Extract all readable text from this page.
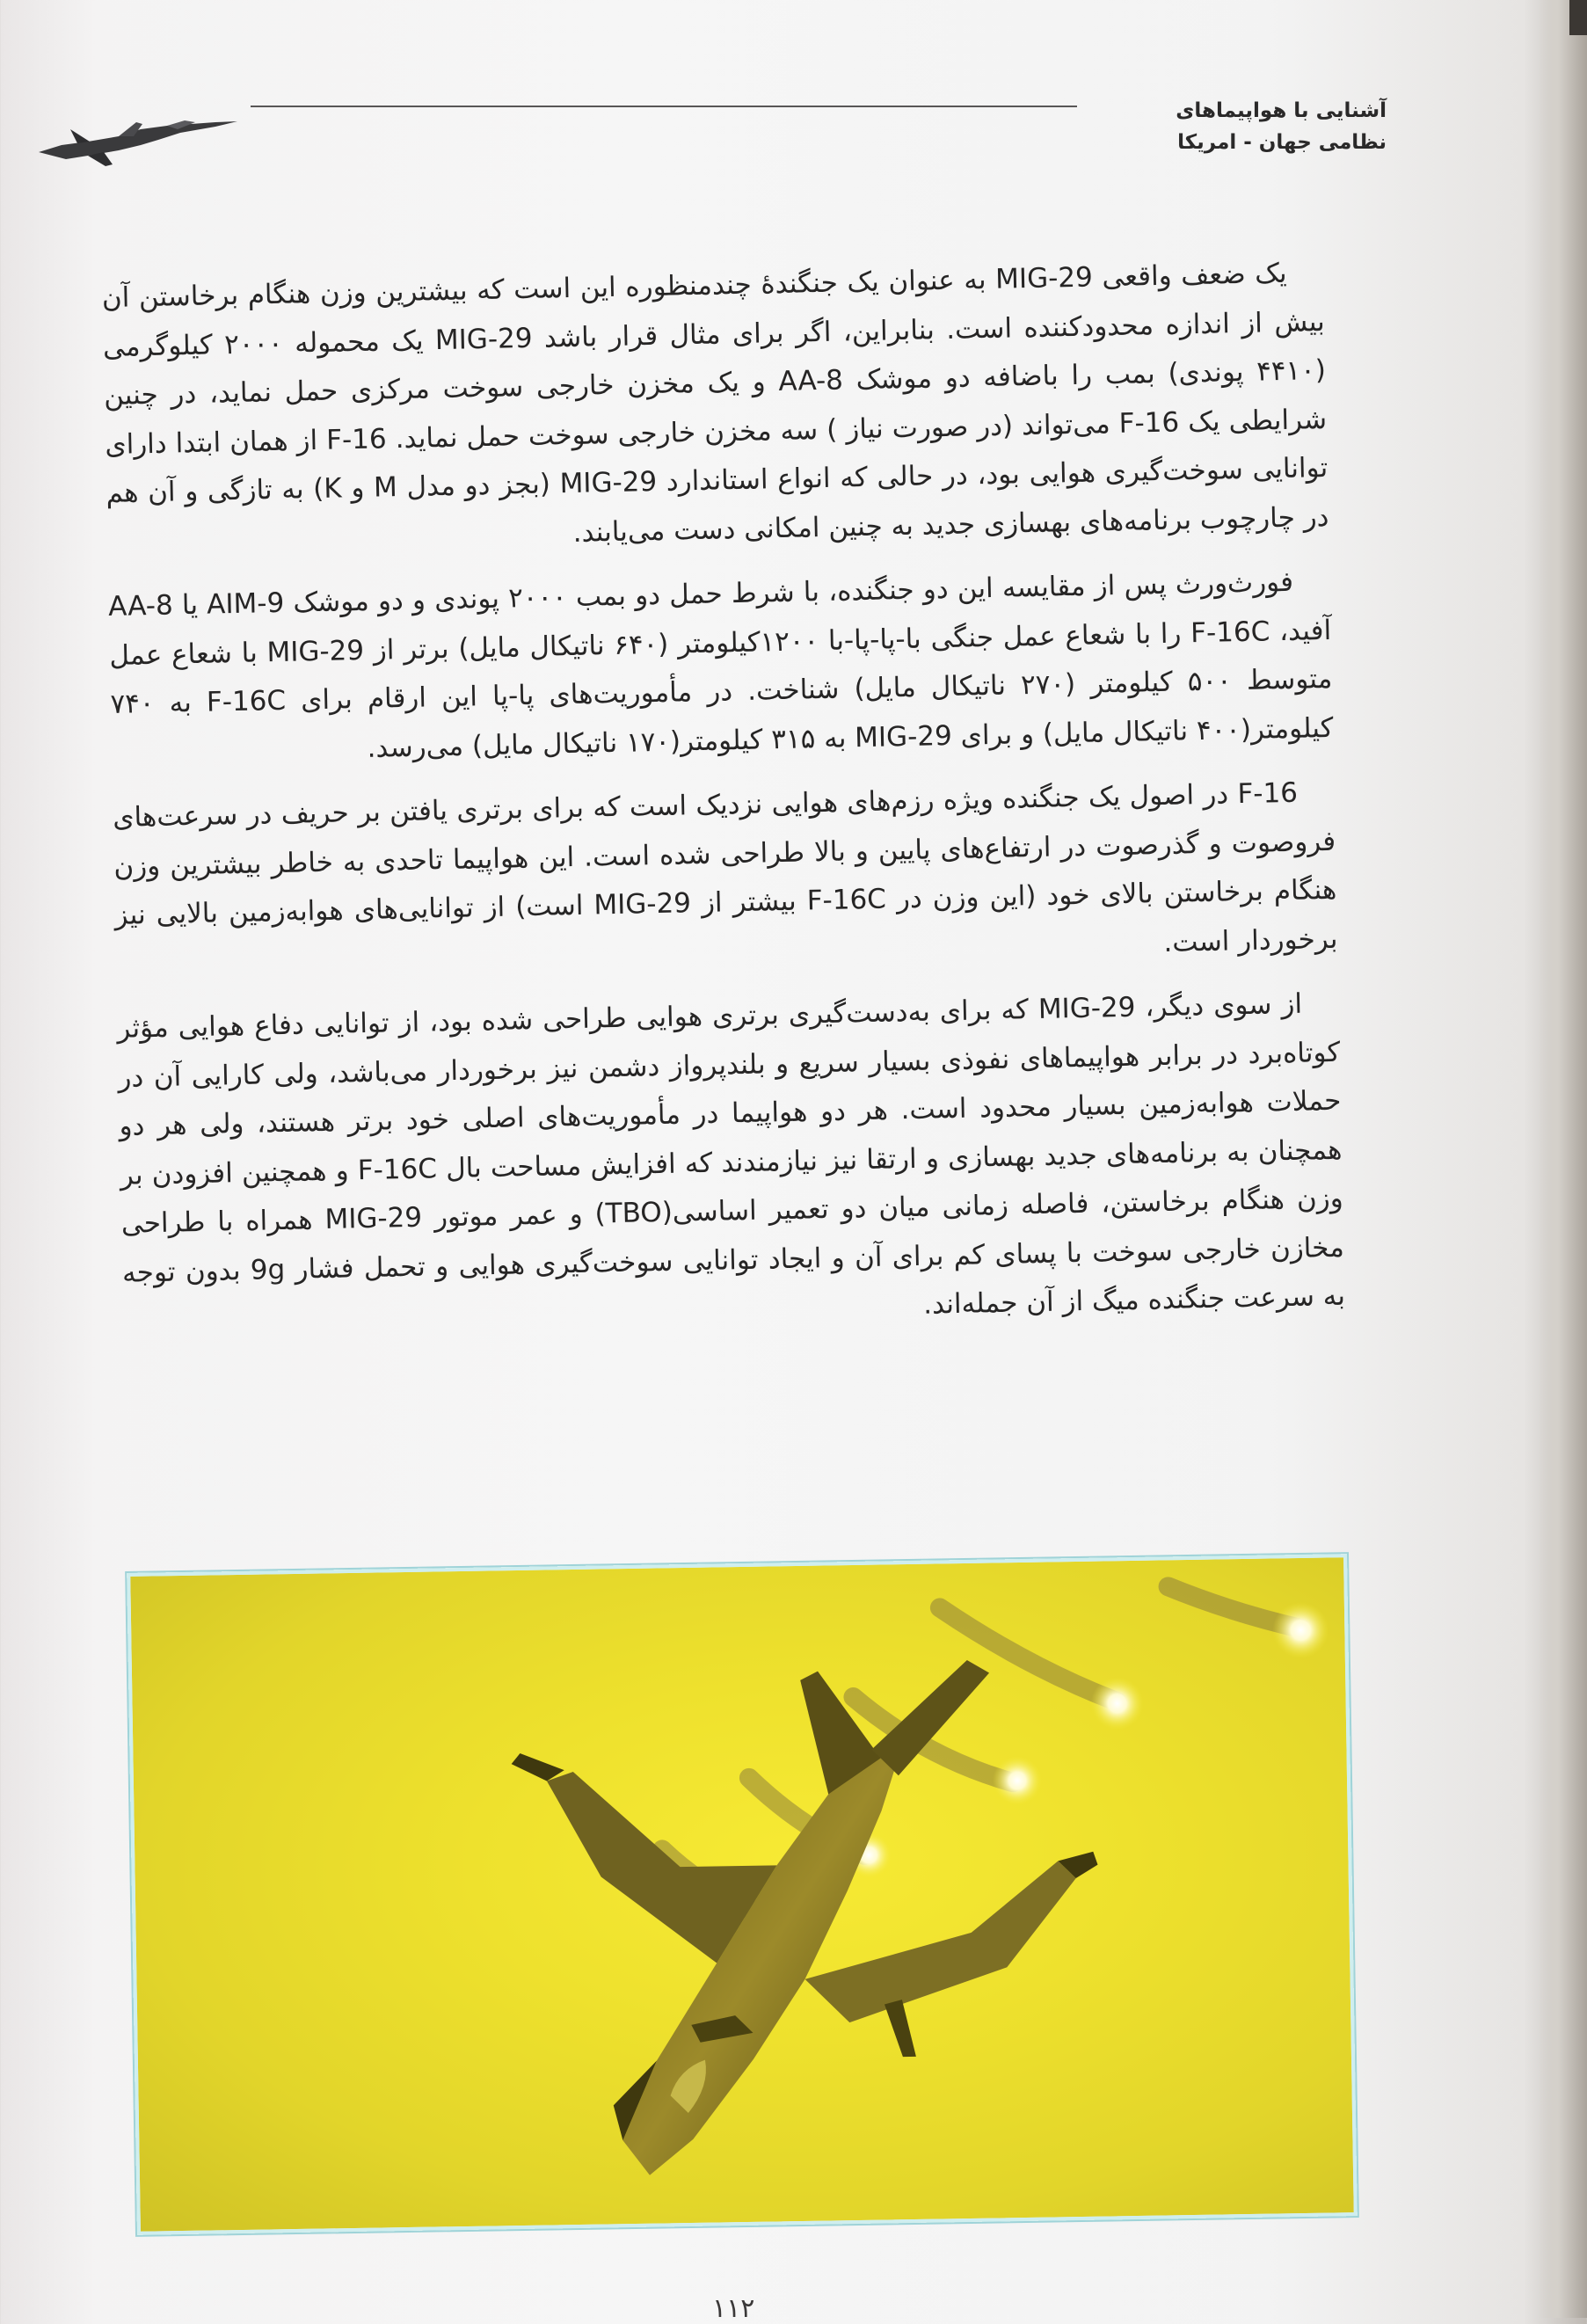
آشنایی با هواپیماهای
نظامی جهان - امریکا

یک ضعف واقعی MIG-29 به عنوان یک جنگندهٔ چندمنظوره این است که بیشترین وزن هنگام برخاستن آن بیش از اندازه محدودکننده است. بنابراین، اگر برای مثال قرار باشد MIG-29 یک محموله ۲۰۰۰ کیلوگرمی (۴۴۱۰ پوندی) بمب را باضافه دو موشک AA-8 و یک مخزن خارجی سوخت مرکزی حمل نماید، در چنین شرایطی یک F-16 می‌تواند (در صورت نیاز ) سه مخزن خارجی سوخت حمل نماید. F-16 از همان ابتدا دارای توانایی سوخت‌گیری هوایی بود، در حالی که انواع استاندارد MIG-29 (بجز دو مدل M و K) به تازگی و آن هم در چارچوب برنامه‌های بهسازی جدید به چنین امکانی دست می‌یابند.

فورث‌ورث پس از مقایسه این دو جنگنده، با شرط حمل دو بمب ۲۰۰۰ پوندی و دو موشک AIM-9 یا AA-8 آفید، F-16C را با شعاع عمل جنگی با-پا-پا-با ۱۲۰۰کیلومتر (۶۴۰ ناتیکال مایل) برتر از MIG-29 با شعاع عمل متوسط ۵۰۰ کیلومتر (۲۷۰ ناتیکال مایل) شناخت. در مأموریت‌های پا-پا این ارقام برای F-16C به ۷۴۰ کیلومتر(۴۰۰ ناتیکال مایل) و برای MIG-29 به ۳۱۵ کیلومتر(۱۷۰ ناتیکال مایل) می‌رسد.

F-16 در اصول یک جنگنده ویژه رزم‌های هوایی نزدیک است که برای برتری یافتن بر حریف در سرعت‌های فروصوت و گذرصوت در ارتفاع‌های پایین و بالا طراحی شده است. این هواپیما تاحدی به خاطر بیشترین وزن هنگام برخاستن بالای خود (این وزن در F-16C بیشتر از MIG-29 است) از توانایی‌های هوابه‌زمین بالایی نیز برخوردار است.

از سوی دیگر، MIG-29 که برای به‌دست‌گیری برتری هوایی طراحی شده بود، از توانایی دفاع هوایی مؤثر کوتاه‌برد در برابر هواپیماهای نفوذی بسیار سریع و بلندپرواز دشمن نیز برخوردار می‌باشد، ولی کارایی آن در حملات هوابه‌زمین بسیار محدود است. هر دو هواپیما در مأموریت‌های اصلی خود برتر هستند، ولی هر دو همچنان به برنامه‌های جدید بهسازی و ارتقا نیز نیازمندند که افزایش مساحت بال F-16C و همچنین افزودن بر وزن هنگام برخاستن، فاصله زمانی میان دو تعمیر اساسی(TBO) و عمر موتور MIG-29 همراه با طراحی مخازن خارجی سوخت با پسای کم برای آن و ایجاد توانایی سوخت‌گیری هوایی و تحمل فشار 9g بدون توجه به سرعت جنگنده میگ از آن جمله‌اند.

۱۱۲
